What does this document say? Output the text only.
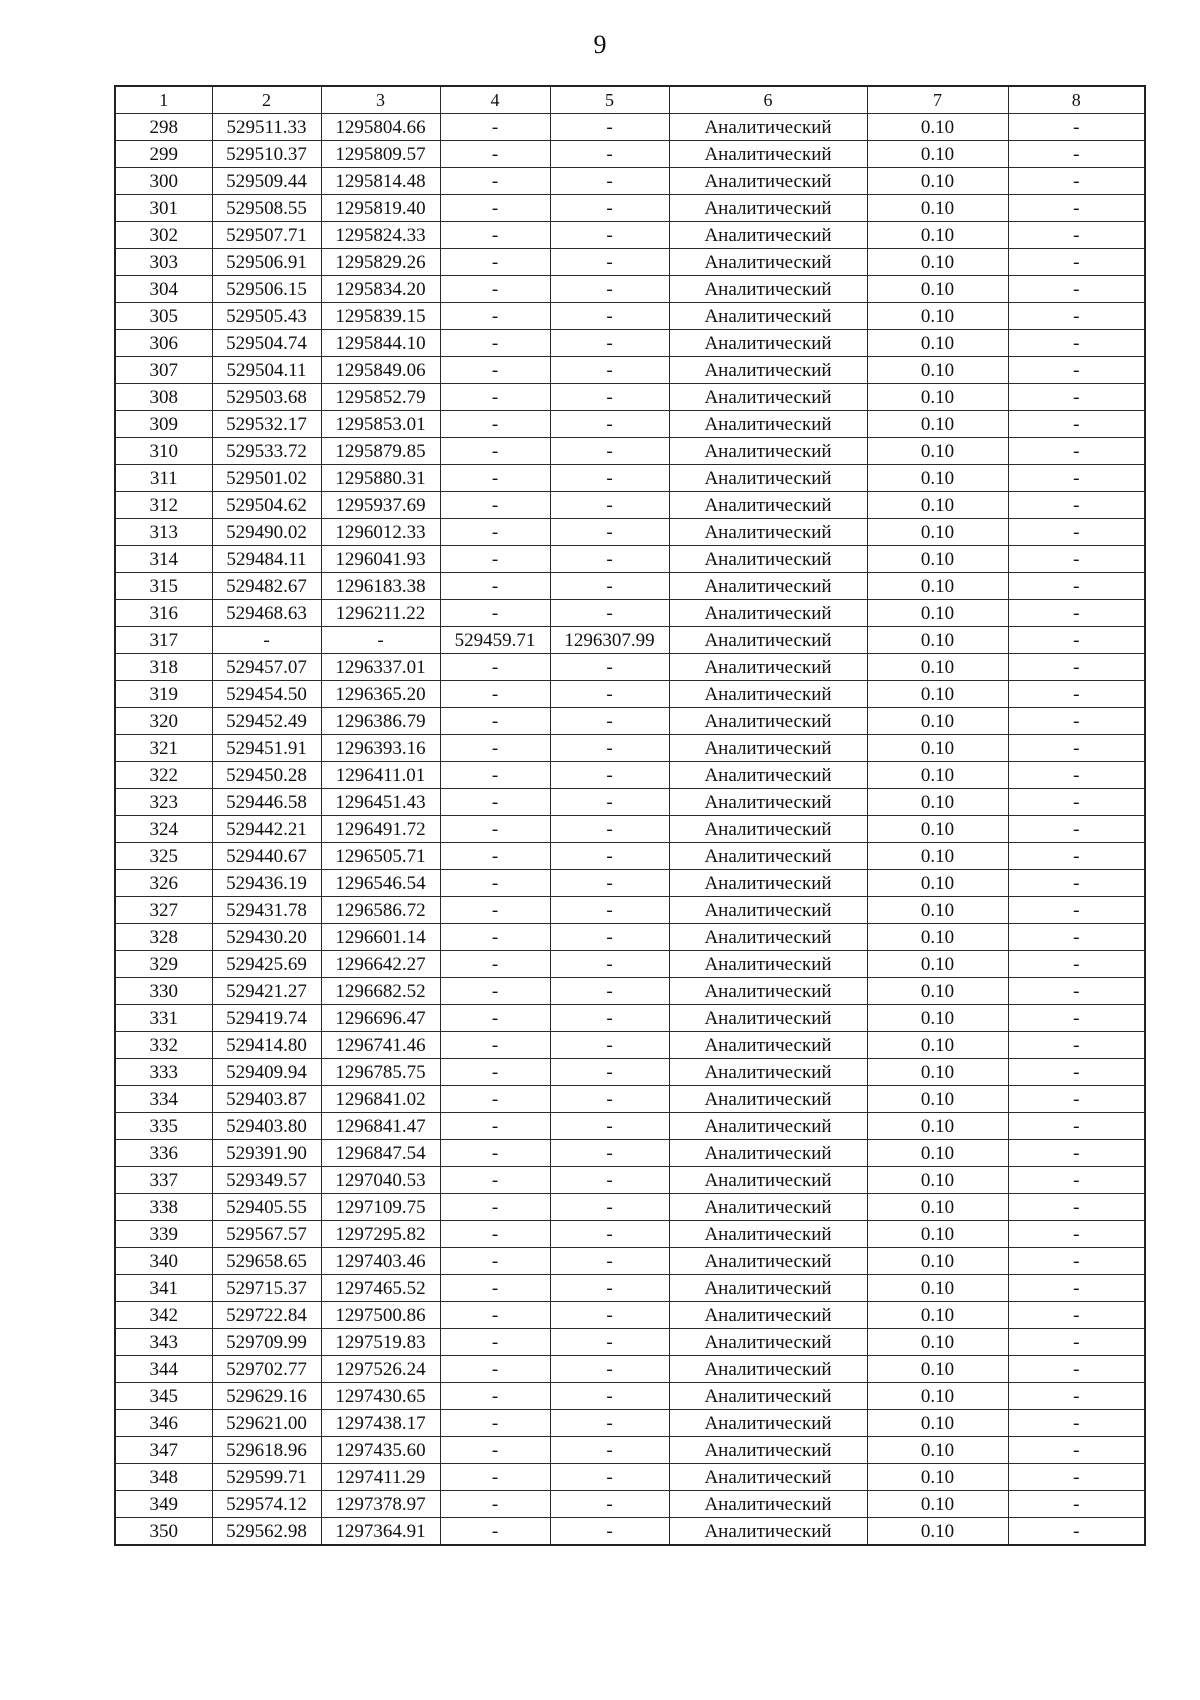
9
1	2	3	4	5	6	7	8
298	529511.33	1295804.66	-	-	Аналитический	0.10	-
299	529510.37	1295809.57	-	-	Аналитический	0.10	-
300	529509.44	1295814.48	-	-	Аналитический	0.10	-
301	529508.55	1295819.40	-	-	Аналитический	0.10	-
302	529507.71	1295824.33	-	-	Аналитический	0.10	-
303	529506.91	1295829.26	-	-	Аналитический	0.10	-
304	529506.15	1295834.20	-	-	Аналитический	0.10	-
305	529505.43	1295839.15	-	-	Аналитический	0.10	-
306	529504.74	1295844.10	-	-	Аналитический	0.10	-
307	529504.11	1295849.06	-	-	Аналитический	0.10	-
308	529503.68	1295852.79	-	-	Аналитический	0.10	-
309	529532.17	1295853.01	-	-	Аналитический	0.10	-
310	529533.72	1295879.85	-	-	Аналитический	0.10	-
311	529501.02	1295880.31	-	-	Аналитический	0.10	-
312	529504.62	1295937.69	-	-	Аналитический	0.10	-
313	529490.02	1296012.33	-	-	Аналитический	0.10	-
314	529484.11	1296041.93	-	-	Аналитический	0.10	-
315	529482.67	1296183.38	-	-	Аналитический	0.10	-
316	529468.63	1296211.22	-	-	Аналитический	0.10	-
317	-	-	529459.71	1296307.99	Аналитический	0.10	-
318	529457.07	1296337.01	-	-	Аналитический	0.10	-
319	529454.50	1296365.20	-	-	Аналитический	0.10	-
320	529452.49	1296386.79	-	-	Аналитический	0.10	-
321	529451.91	1296393.16	-	-	Аналитический	0.10	-
322	529450.28	1296411.01	-	-	Аналитический	0.10	-
323	529446.58	1296451.43	-	-	Аналитический	0.10	-
324	529442.21	1296491.72	-	-	Аналитический	0.10	-
325	529440.67	1296505.71	-	-	Аналитический	0.10	-
326	529436.19	1296546.54	-	-	Аналитический	0.10	-
327	529431.78	1296586.72	-	-	Аналитический	0.10	-
328	529430.20	1296601.14	-	-	Аналитический	0.10	-
329	529425.69	1296642.27	-	-	Аналитический	0.10	-
330	529421.27	1296682.52	-	-	Аналитический	0.10	-
331	529419.74	1296696.47	-	-	Аналитический	0.10	-
332	529414.80	1296741.46	-	-	Аналитический	0.10	-
333	529409.94	1296785.75	-	-	Аналитический	0.10	-
334	529403.87	1296841.02	-	-	Аналитический	0.10	-
335	529403.80	1296841.47	-	-	Аналитический	0.10	-
336	529391.90	1296847.54	-	-	Аналитический	0.10	-
337	529349.57	1297040.53	-	-	Аналитический	0.10	-
338	529405.55	1297109.75	-	-	Аналитический	0.10	-
339	529567.57	1297295.82	-	-	Аналитический	0.10	-
340	529658.65	1297403.46	-	-	Аналитический	0.10	-
341	529715.37	1297465.52	-	-	Аналитический	0.10	-
342	529722.84	1297500.86	-	-	Аналитический	0.10	-
343	529709.99	1297519.83	-	-	Аналитический	0.10	-
344	529702.77	1297526.24	-	-	Аналитический	0.10	-
345	529629.16	1297430.65	-	-	Аналитический	0.10	-
346	529621.00	1297438.17	-	-	Аналитический	0.10	-
347	529618.96	1297435.60	-	-	Аналитический	0.10	-
348	529599.71	1297411.29	-	-	Аналитический	0.10	-
349	529574.12	1297378.97	-	-	Аналитический	0.10	-
350	529562.98	1297364.91	-	-	Аналитический	0.10	-
